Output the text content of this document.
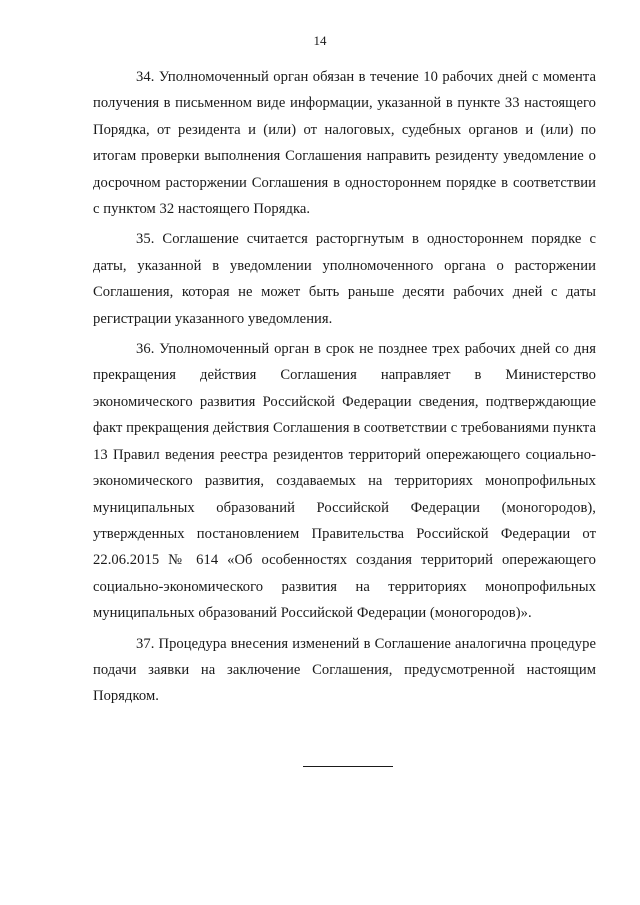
14

34. Уполномоченный орган обязан в течение 10 рабочих дней с момента получения в письменном виде информации, указанной в пункте 33 настоящего Порядка, от резидента и (или) от налоговых, судебных органов и (или) по итогам проверки выполнения Соглашения направить резиденту уведомление о досрочном расторжении Соглашения в одностороннем порядке в соответствии с пунктом 32 настоящего Порядка.

35. Соглашение считается расторгнутым в одностороннем порядке с даты, указанной в уведомлении уполномоченного органа о расторжении Соглашения, которая не может быть раньше десяти рабочих дней с даты регистрации указанного уведомления.

36. Уполномоченный орган в срок не позднее трех рабочих дней со дня прекращения действия Соглашения направляет в Министерство экономического развития Российской Федерации сведения, подтверждающие факт прекращения действия Соглашения в соответствии с требованиями пункта 13 Правил ведения реестра резидентов территорий опережающего социально-экономического развития, создаваемых на территориях монопрофильных муниципальных образований Российской Федерации (моногородов), утвержденных постановлением Правительства Российской Федерации от 22.06.2015 № 614 «Об особенностях создания территорий опережающего социально-экономического развития на территориях монопрофильных муниципальных образований Российской Федерации (моногородов)».

37. Процедура внесения изменений в Соглашение аналогична процедуре подачи заявки на заключение Соглашения, предусмотренной настоящим Порядком.
